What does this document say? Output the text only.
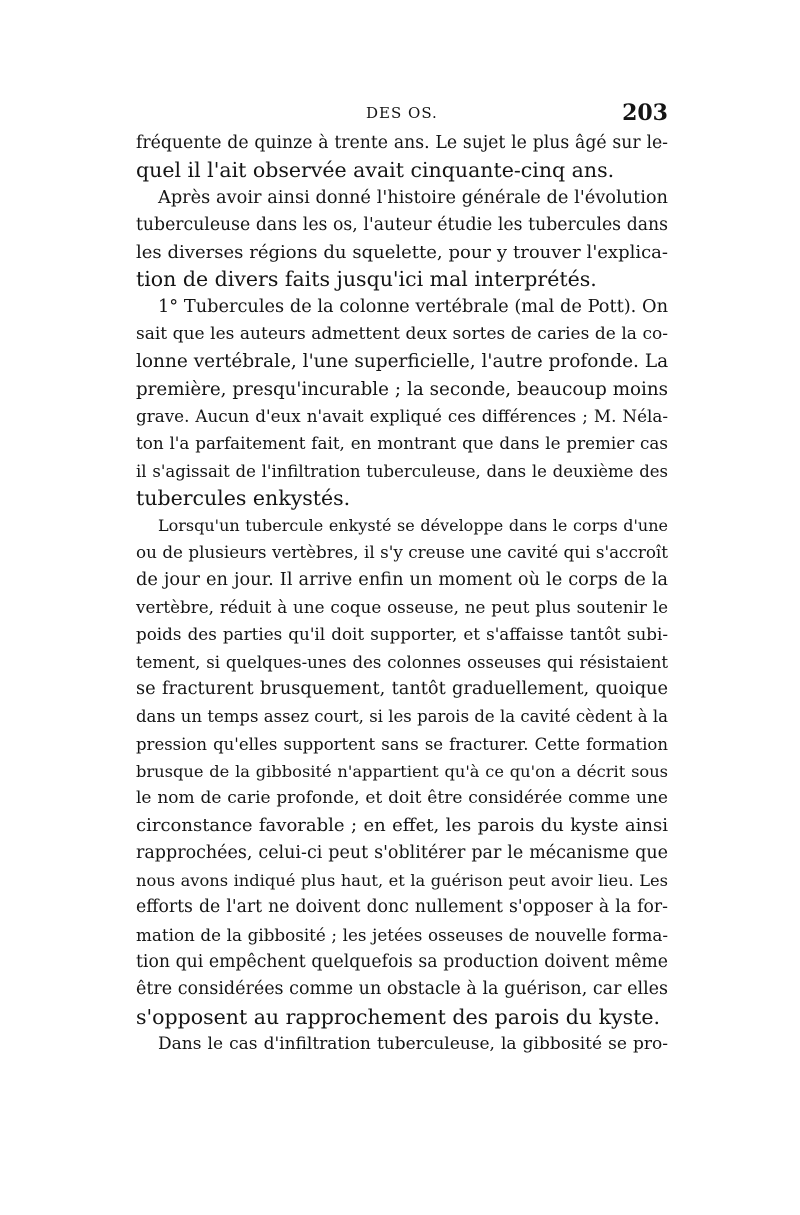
DES OS.	203
fréquente de quinze à trente ans. Le sujet le plus âgé sur le-
quel il l'ait observée avait cinquante-cinq ans.
Après avoir ainsi donné l'histoire générale de l'évolution
tuberculeuse dans les os, l'auteur étudie les tubercules dans
les diverses régions du squelette, pour y trouver l'explica-
tion de divers faits jusqu'ici mal interprétés.
1° Tubercules de la colonne vertébrale (mal de Pott). On
sait que les auteurs admettent deux sortes de caries de la co-
lonne vertébrale, l'une superficielle, l'autre profonde. La
première, presqu'incurable ; la seconde, beaucoup moins
grave. Aucun d'eux n'avait expliqué ces différences ; M. Néla-
ton l'a parfaitement fait, en montrant que dans le premier cas
il s'agissait de l'infiltration tuberculeuse, dans le deuxième des
tubercules enkystés.
Lorsqu'un tubercule enkysté se développe dans le corps d'une
ou de plusieurs vertèbres, il s'y creuse une cavité qui s'accroît
de jour en jour. Il arrive enfin un moment où le corps de la
vertèbre, réduit à une coque osseuse, ne peut plus soutenir le
poids des parties qu'il doit supporter, et s'affaisse tantôt subi-
tement, si quelques-unes des colonnes osseuses qui résistaient
se fracturent brusquement, tantôt graduellement, quoique
dans un temps assez court, si les parois de la cavité cèdent à la
pression qu'elles supportent sans se fracturer. Cette formation
brusque de la gibbosité n'appartient qu'à ce qu'on a décrit sous
le nom de carie profonde, et doit être considérée comme une
circonstance favorable ; en effet, les parois du kyste ainsi
rapprochées, celui-ci peut s'oblitérer par le mécanisme que
nous avons indiqué plus haut, et la guérison peut avoir lieu. Les
efforts de l'art ne doivent donc nullement s'opposer à la for-
mation de la gibbosité ; les jetées osseuses de nouvelle forma-
tion qui empêchent quelquefois sa production doivent même
être considérées comme un obstacle à la guérison, car elles
s'opposent au rapprochement des parois du kyste.
Dans le cas d'infiltration tuberculeuse, la gibbosité se pro-
